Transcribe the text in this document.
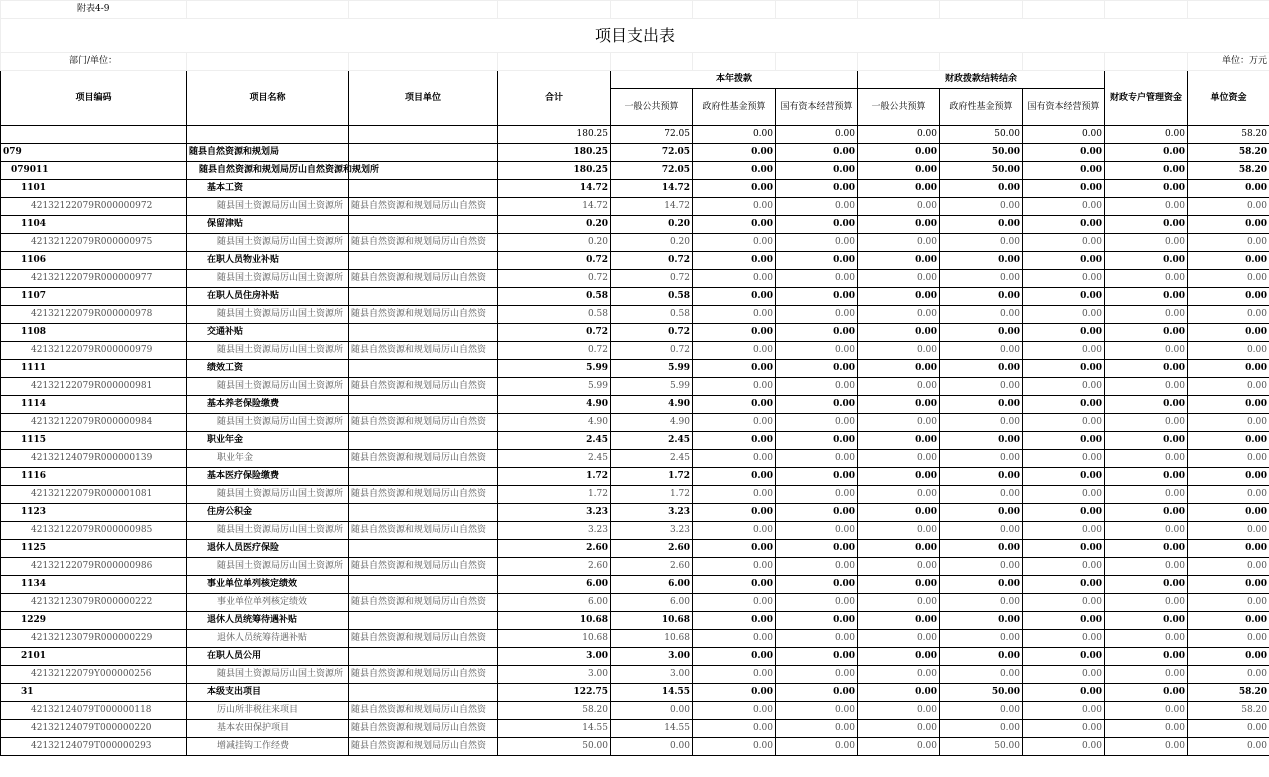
附表4-9											
项目支出表											
部门/单位：											单位：万元
项目编码	项目名称	项目单位	合计	本年拨款			财政拨款结转结余			财政专户管理资金	单位资金
				一般公共预算	政府性基金预算	国有资本经营预算	一般公共预算	政府性基金预算	国有资本经营预算		
			180.25	72.05	0.00	0.00	0.00	50.00	0.00	0.00	58.20
079	随县自然资源和规划局		180.25	72.05	0.00	0.00	0.00	50.00	0.00	0.00	58.20
079011	随县自然资源和规划局厉山自然资源和规划所		180.25	72.05	0.00	0.00	0.00	50.00	0.00	0.00	58.20
1101	基本工资		14.72	14.72	0.00	0.00	0.00	0.00	0.00	0.00	0.00
42132122079R000000972	随县国土资源局厉山国土资源所	随县自然资源和规划局厉山自然资	14.72	14.72	0.00	0.00	0.00	0.00	0.00	0.00	0.00
1104	保留津贴		0.20	0.20	0.00	0.00	0.00	0.00	0.00	0.00	0.00
42132122079R000000975	随县国土资源局厉山国土资源所	随县自然资源和规划局厉山自然资	0.20	0.20	0.00	0.00	0.00	0.00	0.00	0.00	0.00
1106	在职人员物业补贴		0.72	0.72	0.00	0.00	0.00	0.00	0.00	0.00	0.00
42132122079R000000977	随县国土资源局厉山国土资源所	随县自然资源和规划局厉山自然资	0.72	0.72	0.00	0.00	0.00	0.00	0.00	0.00	0.00
1107	在职人员住房补贴		0.58	0.58	0.00	0.00	0.00	0.00	0.00	0.00	0.00
42132122079R000000978	随县国土资源局厉山国土资源所	随县自然资源和规划局厉山自然资	0.58	0.58	0.00	0.00	0.00	0.00	0.00	0.00	0.00
1108	交通补贴		0.72	0.72	0.00	0.00	0.00	0.00	0.00	0.00	0.00
42132122079R000000979	随县国土资源局厉山国土资源所	随县自然资源和规划局厉山自然资	0.72	0.72	0.00	0.00	0.00	0.00	0.00	0.00	0.00
1111	绩效工资		5.99	5.99	0.00	0.00	0.00	0.00	0.00	0.00	0.00
42132122079R000000981	随县国土资源局厉山国土资源所	随县自然资源和规划局厉山自然资	5.99	5.99	0.00	0.00	0.00	0.00	0.00	0.00	0.00
1114	基本养老保险缴费		4.90	4.90	0.00	0.00	0.00	0.00	0.00	0.00	0.00
42132122079R000000984	随县国土资源局厉山国土资源所	随县自然资源和规划局厉山自然资	4.90	4.90	0.00	0.00	0.00	0.00	0.00	0.00	0.00
1115	职业年金		2.45	2.45	0.00	0.00	0.00	0.00	0.00	0.00	0.00
42132124079R000000139	职业年金	随县自然资源和规划局厉山自然资	2.45	2.45	0.00	0.00	0.00	0.00	0.00	0.00	0.00
1116	基本医疗保险缴费		1.72	1.72	0.00	0.00	0.00	0.00	0.00	0.00	0.00
42132122079R000001081	随县国土资源局厉山国土资源所	随县自然资源和规划局厉山自然资	1.72	1.72	0.00	0.00	0.00	0.00	0.00	0.00	0.00
1123	住房公积金		3.23	3.23	0.00	0.00	0.00	0.00	0.00	0.00	0.00
42132122079R000000985	随县国土资源局厉山国土资源所	随县自然资源和规划局厉山自然资	3.23	3.23	0.00	0.00	0.00	0.00	0.00	0.00	0.00
1125	退休人员医疗保险		2.60	2.60	0.00	0.00	0.00	0.00	0.00	0.00	0.00
42132122079R000000986	随县国土资源局厉山国土资源所	随县自然资源和规划局厉山自然资	2.60	2.60	0.00	0.00	0.00	0.00	0.00	0.00	0.00
1134	事业单位单列核定绩效		6.00	6.00	0.00	0.00	0.00	0.00	0.00	0.00	0.00
42132123079R000000222	事业单位单列核定绩效	随县自然资源和规划局厉山自然资	6.00	6.00	0.00	0.00	0.00	0.00	0.00	0.00	0.00
1229	退休人员统筹待遇补贴		10.68	10.68	0.00	0.00	0.00	0.00	0.00	0.00	0.00
42132123079R000000229	退休人员统筹待遇补贴	随县自然资源和规划局厉山自然资	10.68	10.68	0.00	0.00	0.00	0.00	0.00	0.00	0.00
2101	在职人员公用		3.00	3.00	0.00	0.00	0.00	0.00	0.00	0.00	0.00
42132122079Y000000256	随县国土资源局厉山国土资源所	随县自然资源和规划局厉山自然资	3.00	3.00	0.00	0.00	0.00	0.00	0.00	0.00	0.00
31	本级支出项目		122.75	14.55	0.00	0.00	0.00	50.00	0.00	0.00	58.20
42132124079T000000118	厉山所非税往来项目	随县自然资源和规划局厉山自然资	58.20	0.00	0.00	0.00	0.00	0.00	0.00	0.00	58.20
42132124079T000000220	基本农田保护项目	随县自然资源和规划局厉山自然资	14.55	14.55	0.00	0.00	0.00	0.00	0.00	0.00	0.00
42132124079T000000293	增减挂钩工作经费	随县自然资源和规划局厉山自然资	50.00	0.00	0.00	0.00	0.00	50.00	0.00	0.00	0.00
